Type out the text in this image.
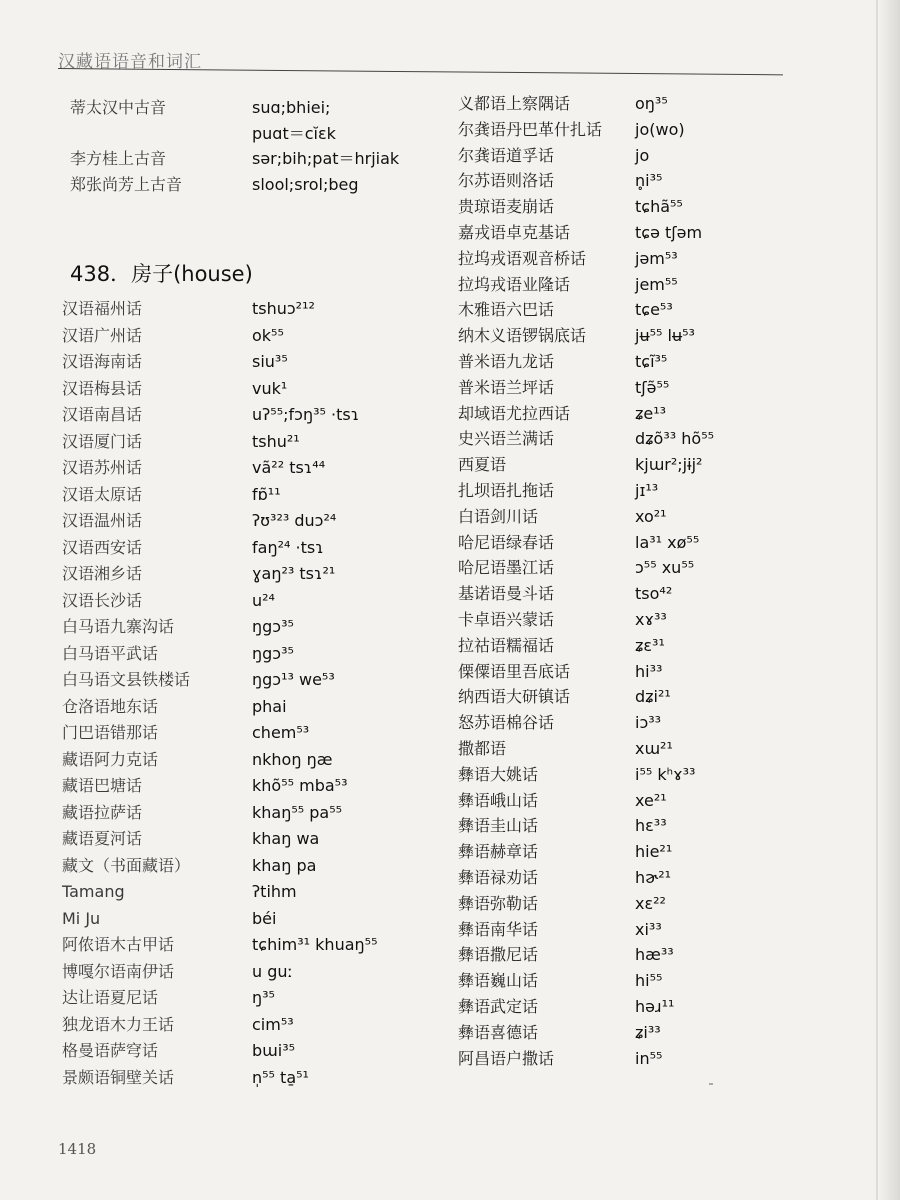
汉藏语语音和词汇
蒂太汉中古音	suɑ;bhiei;
puɑt＝cĭɛk
李方桂上古音	sər;bih;pat＝hrjiak
郑张尚芳上古音	slool;srol;beg
438．房子(house)
汉语福州话	tshuɔ²¹²
汉语广州话	ok⁵⁵
汉语海南话	siu³⁵
汉语梅县话	vuk¹
汉语南昌话	uʔ⁵⁵;fɔŋ³⁵ ·tsɿ
汉语厦门话	tshu²¹
汉语苏州话	vã²² tsɿ⁴⁴
汉语太原话	fɒ̃¹¹
汉语温州话	ʔʊ³²³ duɔ²⁴
汉语西安话	faŋ²⁴ ·tsɿ
汉语湘乡话	ɣaŋ²³ tsɿ²¹
汉语长沙话	u²⁴
白马语九寨沟话	ŋgɔ³⁵
白马语平武话	ŋgɔ³⁵
白马语文县铁楼话	ŋgɔ¹³ we⁵³
仓洛语地东话	phai
门巴语错那话	chem⁵³
藏语阿力克话	nkhoŋ ŋæ
藏语巴塘话	khõ⁵⁵ mba⁵³
藏语拉萨话	khaŋ⁵⁵ pa⁵⁵
藏语夏河话	khaŋ wa
藏文（书面藏语）	khaŋ pa
Tamang	ʔtihm
Mi Ju	béi
阿侬语木古甲话	tɕhim³¹ khuaŋ⁵⁵
博嘎尔语南伊话	u guː
达让语夏尼话	ŋ³⁵
独龙语木力王话	cim⁵³
格曼语萨穹话	bɯi³⁵
景颇语铜壁关话	n̩⁵⁵ ta̱⁵¹
义都语上察隅话	oŋ³⁵
尔龚语丹巴革什扎话 jo(wo)
尔龚语道孚话	jo
尔苏语则洛话	n̥i³⁵
贵琼语麦崩话	tɕhã⁵⁵
嘉戎语卓克基话	tɕə tʃəm
拉坞戎语观音桥话	jəm⁵³
拉坞戎语业隆话	jem⁵⁵
木雅语六巴话	tɕe⁵³
纳木义语锣锅底话	jʉ⁵⁵ lʉ⁵³
普米语九龙话	tɕĩ³⁵
普米语兰坪话	tʃə̃⁵⁵
却域语尤拉西话	ʑe¹³
史兴语兰满话	dʑõ³³ hõ⁵⁵
西夏语	kjɯr²;jɨj²
扎坝语扎拖话	jɪ¹³
白语剑川话	xo²¹
哈尼语绿春话	la³¹ xø⁵⁵
哈尼语墨江话	ɔ⁵⁵ xu⁵⁵
基诺语曼斗话	tso⁴²
卡卓语兴蒙话	xɤ³³
拉祜语糯福话	ʑɛ³¹
傈僳语里吾底话	hi³³
纳西语大研镇话	dʑi²¹
怒苏语棉谷话	iɔ³³
撒都语	xɯ²¹
彝语大姚话	i⁵⁵ kʰɤ³³
彝语峨山话	xe²¹
彝语圭山话	hɛ³³
彝语赫章话	hie²¹
彝语禄劝话	hɚ²¹
彝语弥勒话	xɛ²²
彝语南华话	xi³³
彝语撒尼话	hæ³³
彝语巍山话	hi⁵⁵
彝语武定话	həɹ¹¹
彝语喜德话	ʑi³³
阿昌语户撒话	in⁵⁵
1418
